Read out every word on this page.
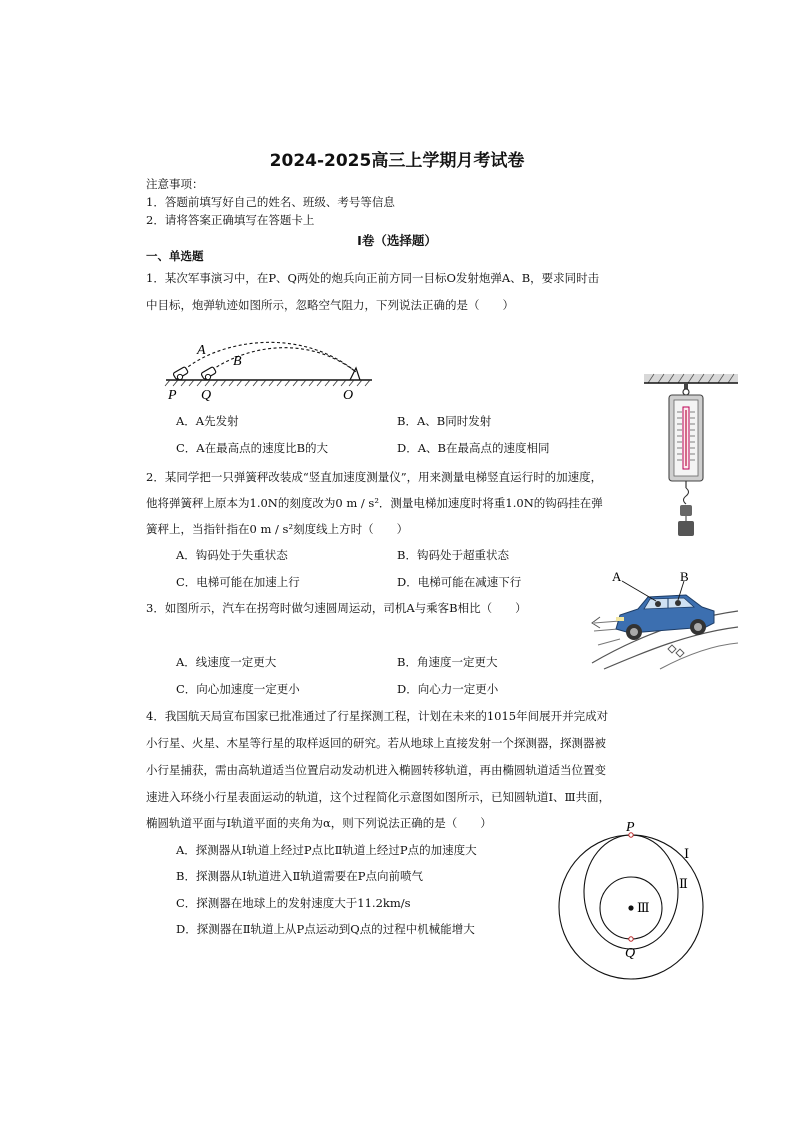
2024-2025高三上学期月考试卷
注意事项：
1．答题前填写好自己的姓名、班级、考号等信息
2．请将答案正确填写在答题卡上
I卷（选择题）
一、单选题
1．某次军事演习中，在P、Q两处的炮兵向正前方同一目标O发射炮弹A、B，要求同时击
中目标，炮弹轨迹如图所示，忽略空气阻力，下列说法正确的是（　　）
A
B
P Q	O
A．A先发射	B．A、B同时发射
C．A在最高点的速度比B的大	D．A、B在最高点的速度相同
2．某同学把一只弹簧秤改装成“竖直加速度测量仪”，用来测量电梯竖直运行时的加速度，
他将弹簧秤上原本为1.0N的刻度改为0 m / s²．测量电梯加速度时将重1.0N的钩码挂在弹
簧秤上，当指针指在0 m / s²刻度线上方时（　　）
A．钩码处于失重状态	B．钩码处于超重状态
C．电梯可能在加速上行	D．电梯可能在减速下行	A	B
3．如图所示，汽车在拐弯时做匀速圆周运动，司机A与乘客B相比（　　）
A．线速度一定更大	B．角速度一定更大
C．向心加速度一定更小	D．向心力一定更小
4．我国航天局宣布国家已批准通过了行星探测工程，计划在未来的1015年间展开并完成对
小行星、火星、木星等行星的取样返回的研究。若从地球上直接发射一个探测器，探测器被
小行星捕获，需由高轨道适当位置启动发动机进入椭圆转移轨道，再由椭圆轨道适当位置变
速进入环绕小行星表面运动的轨道，这个过程简化示意图如图所示，已知圆轨道Ⅰ、Ⅲ共面，
椭圆轨道平面与Ⅰ轨道平面的夹角为α，则下列说法正确的是（　　）
A．探测器从Ⅰ轨道上经过P点比Ⅱ轨道上经过P点的加速度大
B．探测器从Ⅰ轨道进入Ⅱ轨道需要在P点向前喷气
C．探测器在地球上的发射速度大于11.2km/s
D．探测器在Ⅱ轨道上从P点运动到Q点的过程中机械能增大
P
Q
Ⅰ
Ⅱ
Ⅲ
